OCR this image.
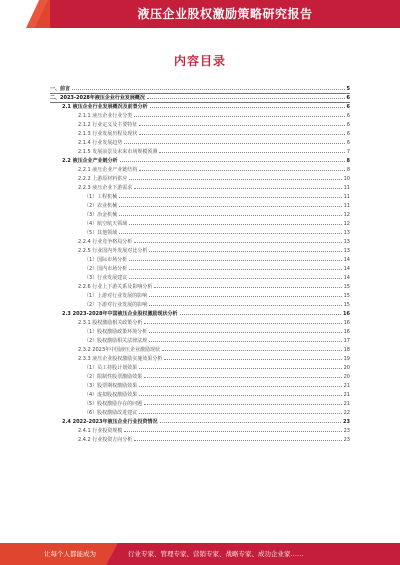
液压企业股权激励策略研究报告
内容目录
一、前言	5
二、2023-2028年液压企业行业发展概况	6
2.1 液压企业行业发展概况及前景分析	6
2.1.1 液压企业行业分类	6
2.1.2 行业定义及主要特征	6
2.1.3 行业发展历程及现状	6
2.1.4 行业发展趋势	6
2.1.5 发展前景及未来市场规模预测	7
2.2 液压企业产业链分析	8
2.2.1 液压企业产业链结构	8
2.2.2 上游原材料供应	10
2.2.3 液压企业下游需求	11
（1）工程机械	11
（2）农业机械	11
（3）冶金机械	12
（4）航空航天领域	12
（5）其他领域	13
2.2.4 行业竞争格局分析	13
2.2.5 行业国内外发展对比分析	13
（1）国际市场分析	14
（2）国内市场分析	14
（3）行业发展建议	14
2.2.6 行业上下游关系及影响分析	15
（1）上游对行业发展的影响	15
（2）下游对行业发展的影响	15
2.3 2023-2028年中国液压企业股权激励现状分析	16
2.3.1 股权激励相关政策分析	16
（1）股权激励政策环境分析	16
（2）股权激励相关法律法规	17
2.3.2 2023年中国液压企业激励现状	18
2.3.3 液压企业股权激励实施效果分析	19
（1）员工持股计划效果	20
（2）限制性股票激励效果	20
（3）股票期权激励效果	21
（4）虚拟股权激励效果	21
（5）股权激励存在的问题	21
（6）股权激励改进建议	22
2.4 2022-2023年液压企业行业投资情况	23
2.4.1 行业投资规模	23
2.4.2 行业投资方向分析	23
让每个人都能成为	行业专家、管理专家、营销专家、战略专家、成功企业家……
